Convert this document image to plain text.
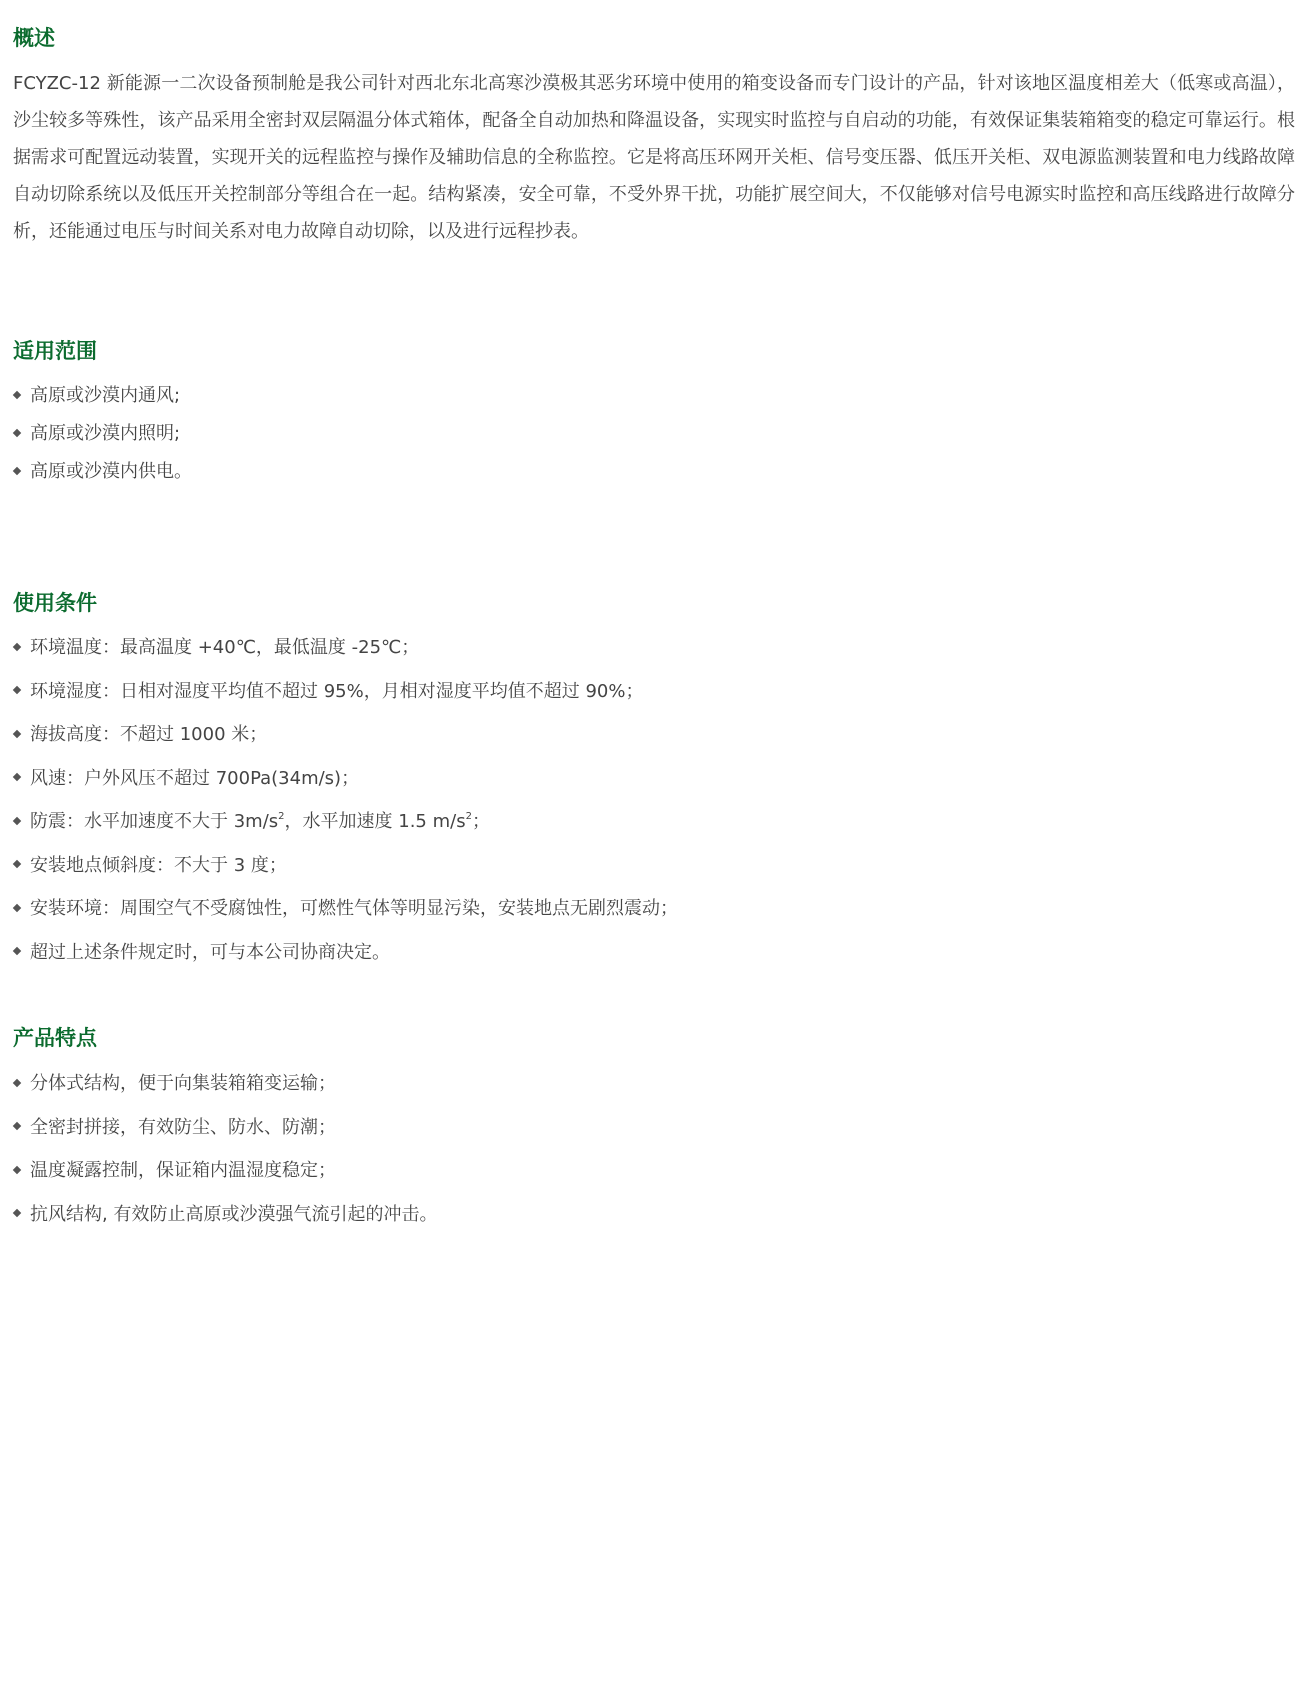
概述

FCYZC-12 新能源一二次设备预制舱是我公司针对西北东北高寒沙漠极其恶劣环境中使用的箱变设备而专门设计的产品，针对该地区温度相差大（低寒或高温），沙尘较多等殊性，该产品采用全密封双层隔温分体式箱体，配备全自动加热和降温设备，实现实时监控与自启动的功能，有效保证集装箱箱变的稳定可靠运行。根据需求可配置远动装置，实现开关的远程监控与操作及辅助信息的全称监控。它是将高压环网开关柜、信号变压器、低压开关柜、双电源监测装置和电力线路故障自动切除系统以及低压开关控制部分等组合在一起。结构紧凑，安全可靠，不受外界干扰，功能扩展空间大，不仅能够对信号电源实时监控和高压线路进行故障分析，还能通过电压与时间关系对电力故障自动切除，以及进行远程抄表。

适用范围
高原或沙漠内通风;
高原或沙漠内照明;
高原或沙漠内供电。
使用条件
环境温度：最高温度 +40℃，最低温度 -25℃；
环境湿度：日相对湿度平均值不超过 95%，月相对湿度平均值不超过 90%；
海拔高度：不超过 1000 米；
风速：户外风压不超过 700Pa(34m/s)；
防震：水平加速度不大于 $3m/s^2$，水平加速度 1.5 $m/s^2$；
安装地点倾斜度：不大于 3 度；
安装环境：周围空气不受腐蚀性，可燃性气体等明显污染，安装地点无剧烈震动；
超过上述条件规定时，可与本公司协商决定。
产品特点
分体式结构，便于向集装箱箱变运输；
全密封拼接，有效防尘、防水、防潮；
温度凝露控制，保证箱内温湿度稳定；
抗风结构, 有效防止高原或沙漠强气流引起的冲击。
